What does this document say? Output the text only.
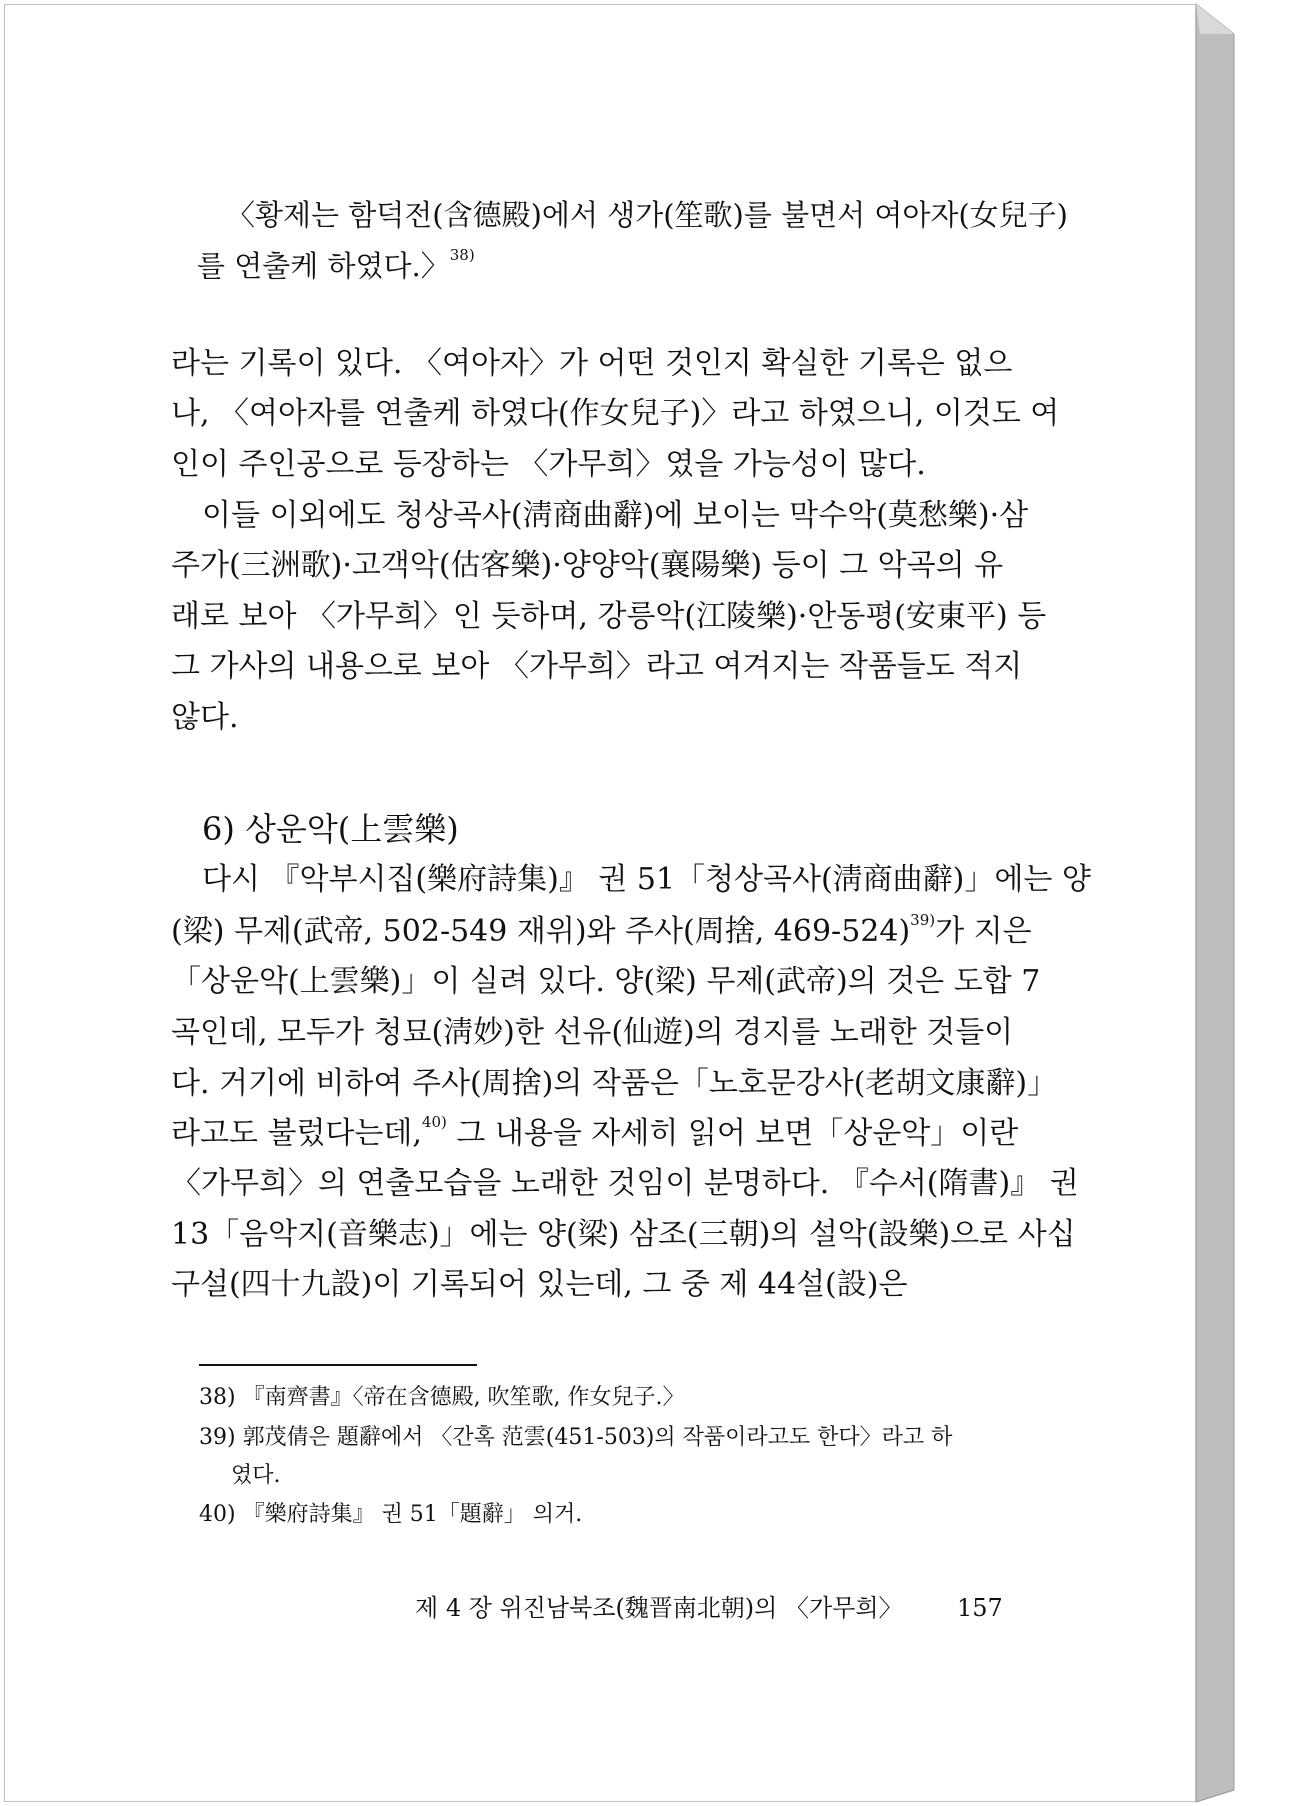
〈황제는 함덕전(含德殿)에서 생가(笙歌)를 불면서 여아자(女兒子)
를 연출케 하였다.〉$^{38)}$
라는 기록이 있다. 〈여아자〉가 어떤 것인지 확실한 기록은 없으
나, 〈여아자를 연출케 하였다(作女兒子)〉라고 하였으니, 이것도 여
인이 주인공으로 등장하는 〈가무희〉였을 가능성이 많다.
이들 이외에도 청상곡사(淸商曲辭)에 보이는 막수악(莫愁樂)·삼
주가(三洲歌)·고객악(估客樂)·양양악(襄陽樂) 등이 그 악곡의 유
래로 보아 〈가무희〉인 듯하며, 강릉악(江陵樂)·안동평(安東平) 등
그 가사의 내용으로 보아 〈가무희〉라고 여겨지는 작품들도 적지
않다.
6) 상운악(上雲樂)
다시 『악부시집(樂府詩集)』 권 51「청상곡사(淸商曲辭)」에는 양
(梁) 무제(武帝, 502-549 재위)와 주사(周捨, 469-524)$^{39)}$가 지은
「상운악(上雲樂)」이 실려 있다. 양(梁) 무제(武帝)의 것은 도합 7
곡인데, 모두가 청묘(淸妙)한 선유(仙遊)의 경지를 노래한 것들이
다. 거기에 비하여 주사(周捨)의 작품은「노호문강사(老胡文康辭)」
라고도 불렀다는데,$^{40)}$ 그 내용을 자세히 읽어 보면「상운악」이란
〈가무희〉의 연출모습을 노래한 것임이 분명하다. 『수서(隋書)』 권
13「음악지(音樂志)」에는 양(梁) 삼조(三朝)의 설악(設樂)으로 사십
구설(四十九設)이 기록되어 있는데, 그 중 제 44설(設)은
38) 『南齊書』〈帝在含德殿, 吹笙歌, 作女兒子.〉
39) 郭茂倩은 題辭에서 〈간혹 范雲(451-503)의 작품이라고도 한다〉라고 하
였다.
40) 『樂府詩集』 권 51「題辭」 의거.
제 4 장 위진남북조(魏晋南北朝)의 〈가무희〉 157
